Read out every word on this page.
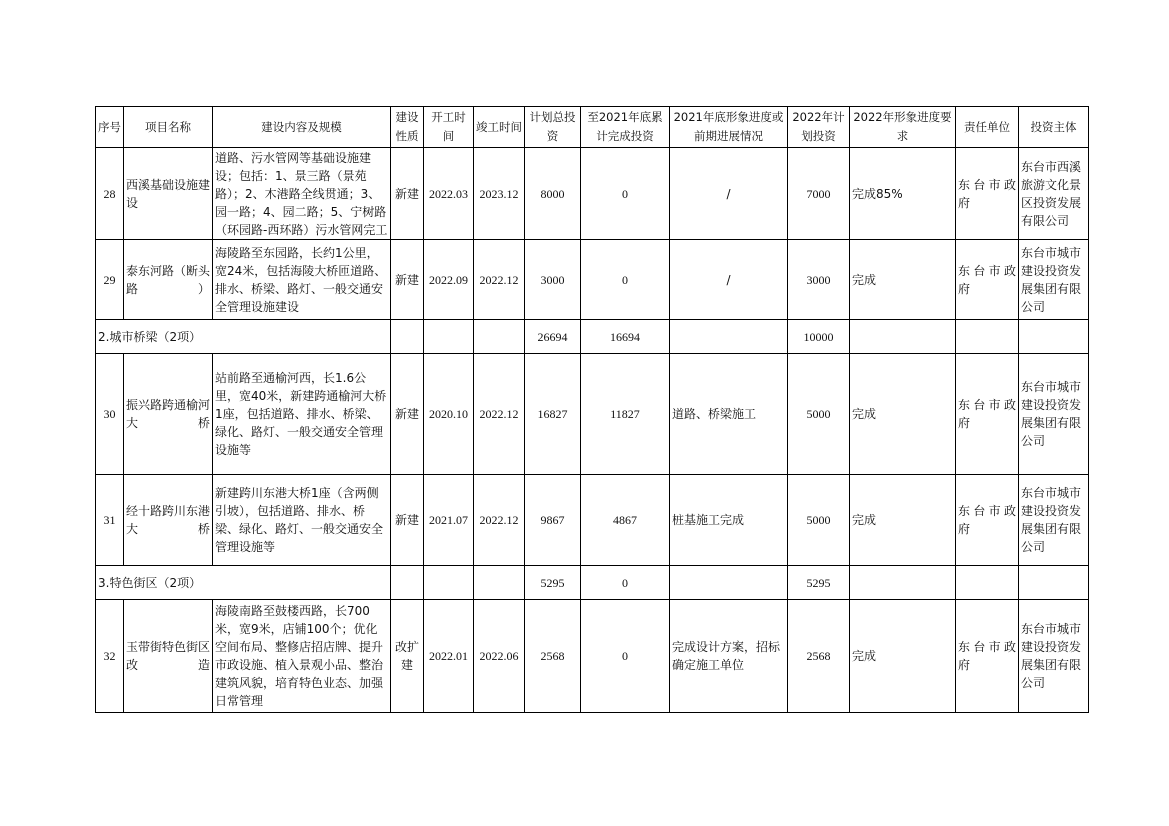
序号	项目名称	建设内容及规模	建设性质	开工时间	竣工时间	计划总投资	至2021年底累计完成投资	2021年底形象进度或前期进展情况	2022年计划投资	2022年形象进度要求	责任单位	投资主体
28	西溪基础设施建设	道路、污水管网等基础设施建设；包括：1、景三路（景苑路）；2、木港路全线贯通；3、园一路；4、园二路；5、宁树路（环园路-西环路）污水管网完工	新建	2022.03	2023.12	8000	0	/	7000	完成85%	东台市政府	东台市西溪旅游文化景区投资发展有限公司
29	泰东河路（断头路）	海陵路至东园路，长约1公里，宽24米，包括海陵大桥匝道路、排水、桥梁、路灯、一般交通安全管理设施建设	新建	2022.09	2022.12	3000	0	/	3000	完成	东台市政府	东台市城市建设投资发展集团有限公司
2.城市桥梁（2项）						26694	16694		10000			
30	振兴路跨通榆河大桥	站前路至通榆河西，长1.6公里，宽40米，新建跨通榆河大桥1座，包括道路、排水、桥梁、绿化、路灯、一般交通安全管理设施等	新建	2020.10	2022.12	16827	11827	道路、桥梁施工	5000	完成	东台市政府	东台市城市建设投资发展集团有限公司
31	经十路跨川东港大桥	新建跨川东港大桥1座（含两侧引坡），包括道路、排水、桥梁、绿化、路灯、一般交通安全管理设施等	新建	2021.07	2022.12	9867	4867	桩基施工完成	5000	完成	东台市政府	东台市城市建设投资发展集团有限公司
3.特色街区（2项）						5295	0		5295			
32	玉带街特色街区改造	海陵南路至鼓楼西路，长700米，宽9米，店铺100个；优化空间布局、整修店招店牌、提升市政设施、植入景观小品、整治建筑风貌，培育特色业态、加强日常管理	改扩建	2022.01	2022.06	2568	0	完成设计方案，招标确定施工单位	2568	完成	东台市政府	东台市城市建设投资发展集团有限公司
